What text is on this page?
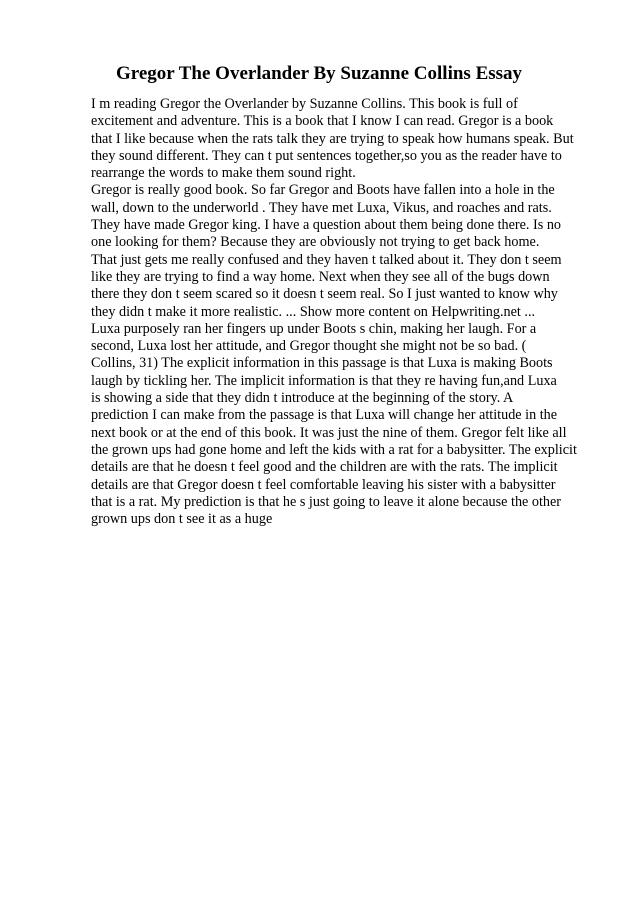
Gregor The Overlander By Suzanne Collins Essay
I m reading Gregor the Overlander by Suzanne Collins. This book is full of
excitement and adventure. This is a book that I know I can read. Gregor is a book
that I like because when the rats talk they are trying to speak how humans speak. But
they sound different. They can t put sentences together,so you as the reader have to
rearrange the words to make them sound right.
Gregor is really good book. So far Gregor and Boots have fallen into a hole in the
wall, down to the underworld . They have met Luxa, Vikus, and roaches and rats.
They have made Gregor king. I have a question about them being done there. Is no
one looking for them? Because they are obviously not trying to get back home.
That just gets me really confused and they haven t talked about it. They don t seem
like they are trying to find a way home. Next when they see all of the bugs down
there they don t seem scared so it doesn t seem real. So I just wanted to know why
they didn t make it more realistic. ... Show more content on Helpwriting.net ...
Luxa purposely ran her fingers up under Boots s chin, making her laugh. For a
second, Luxa lost her attitude, and Gregor thought she might not be so bad. (
Collins, 31) The explicit information in this passage is that Luxa is making Boots
laugh by tickling her. The implicit information is that they re having fun,and Luxa
is showing a side that they didn t introduce at the beginning of the story. A
prediction I can make from the passage is that Luxa will change her attitude in the
next book or at the end of this book. It was just the nine of them. Gregor felt like all
the grown ups had gone home and left the kids with a rat for a babysitter. The explicit
details are that he doesn t feel good and the children are with the rats. The implicit
details are that Gregor doesn t feel comfortable leaving his sister with a babysitter
that is a rat. My prediction is that he s just going to leave it alone because the other
grown ups don t see it as a huge
